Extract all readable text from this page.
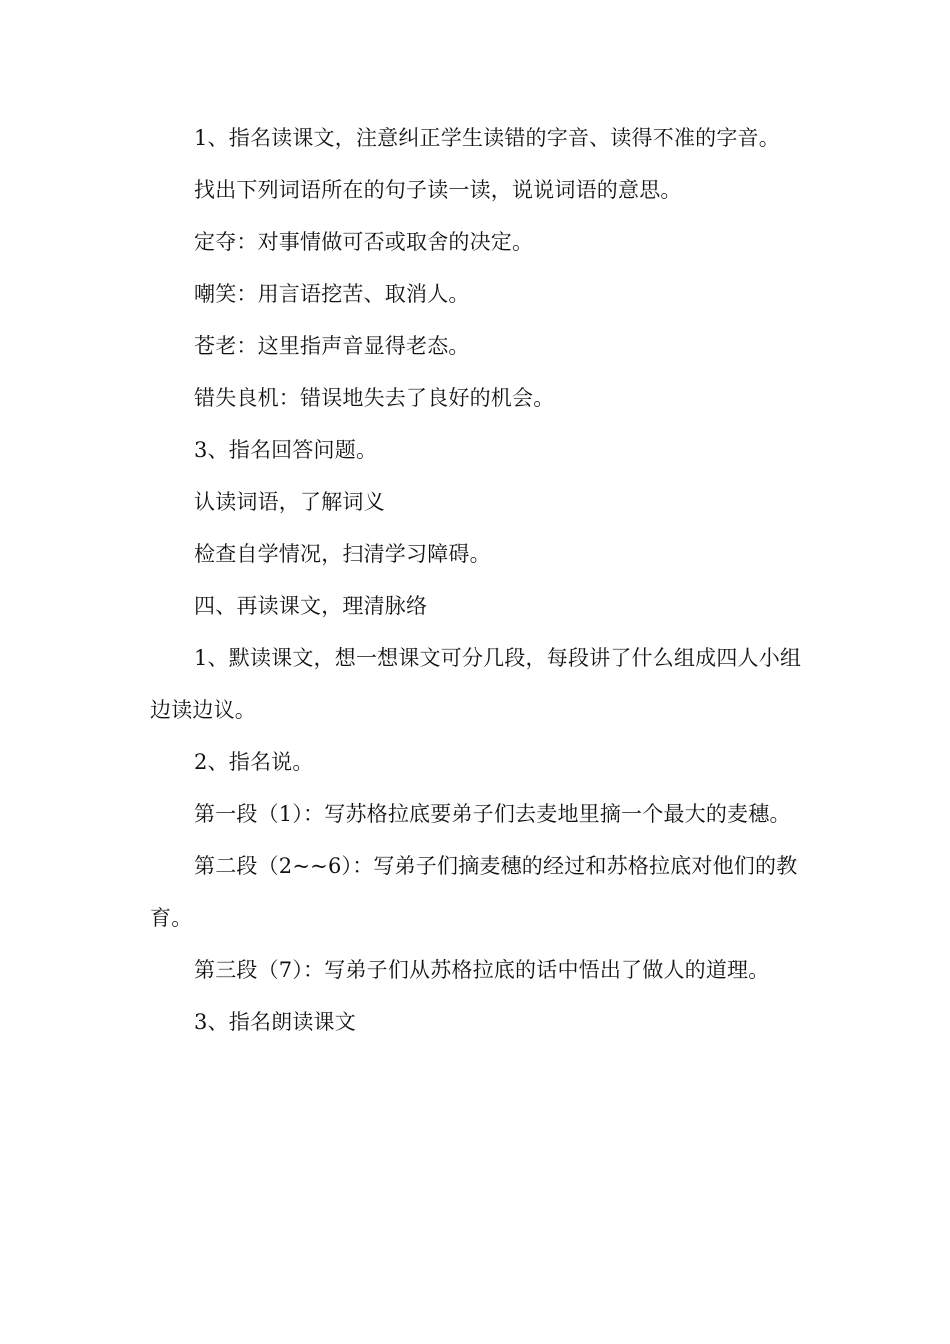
1、指名读课文，注意纠正学生读错的字音、读得不准的字音。

找出下列词语所在的句子读一读，说说词语的意思。

定夺：对事情做可否或取舍的决定。

嘲笑：用言语挖苦、取消人。

苍老：这里指声音显得老态。

错失良机：错误地失去了良好的机会。

3、指名回答问题。

认读词语，了解词义

检查自学情况，扫清学习障碍。

四、再读课文，理清脉络

1、默读课文，想一想课文可分几段，每段讲了什么组成四人小组边读边议。

2、指名说。

第一段（1）：写苏格拉底要弟子们去麦地里摘一个最大的麦穗。

第二段（2~~6）：写弟子们摘麦穗的经过和苏格拉底对他们的教育。

第三段（7）：写弟子们从苏格拉底的话中悟出了做人的道理。

3、指名朗读课文
